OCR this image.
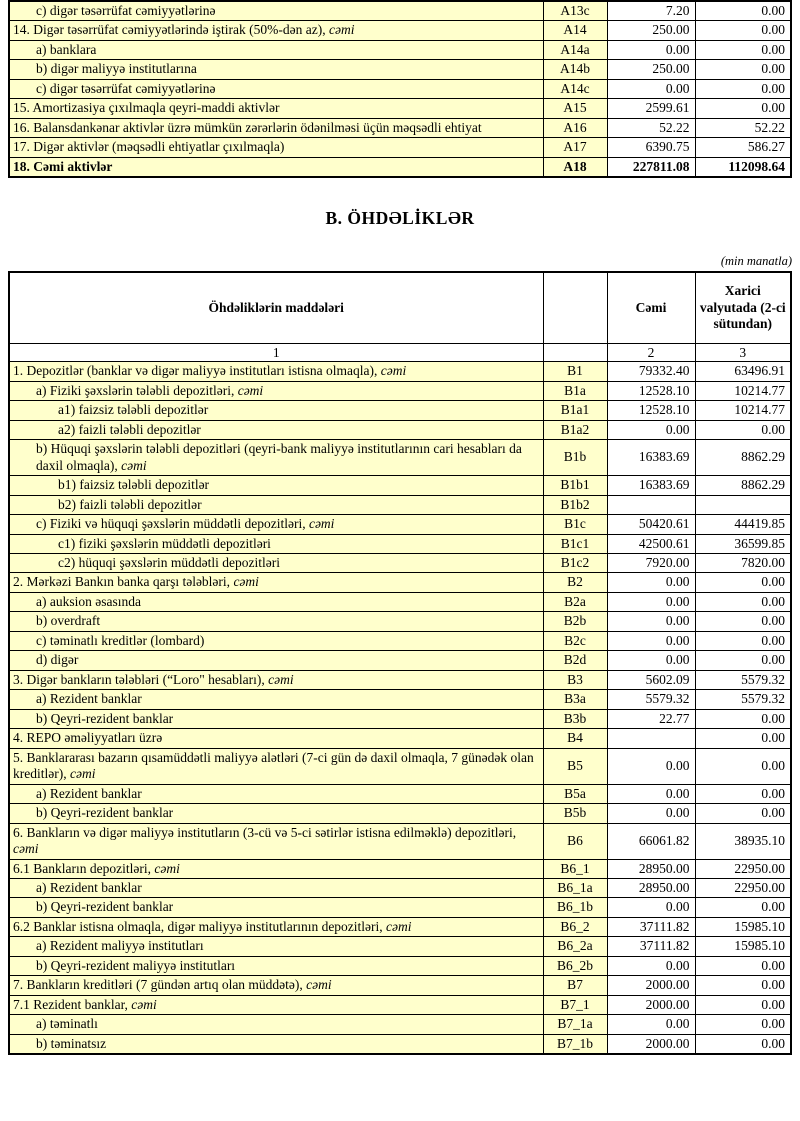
c) digər təsərrüfat cəmiyyətlərinə	A13c	7.20	0.00
14. Digər təsərrüfat cəmiyyətlərində iştirak (50%-dən az), cəmi	A14	250.00	0.00
a) banklara	A14a	0.00	0.00
b) digər maliyyə institutlarına	A14b	250.00	0.00
c) digər təsərrüfat cəmiyyətlərinə	A14c	0.00	0.00
15. Amortizasiya çıxılmaqla qeyri-maddi aktivlər	A15	2599.61	0.00
16. Balansdankənar aktivlər üzrə mümkün zərərlərin ödənilməsi üçün məqsədli ehtiyat	A16	52.22	52.22
17. Digər aktivlər (məqsədli ehtiyatlar çıxılmaqla)	A17	6390.75	586.27
18. Cəmi aktivlər	A18	227811.08	112098.64
B. ÖHDƏLİKLƏR
(min manatla)
Öhdəliklərin maddələri		Cəmi	Xarici valyutada (2-ci sütundan)
1		2	3
1. Depozitlər (banklar və digər maliyyə institutları istisna olmaqla), cəmi	B1	79332.40	63496.91
a) Fiziki şəxslərin tələbli depozitləri, cəmi	B1a	12528.10	10214.77
a1) faizsiz tələbli depozitlər	B1a1	12528.10	10214.77
a2) faizli tələbli depozitlər	B1a2	0.00	0.00
b) Hüquqi şəxslərin tələbli depozitləri (qeyri-bank maliyyə institutlarının cari hesabları da daxil olmaqla), cəmi	B1b	16383.69	8862.29
b1) faizsiz tələbli depozitlər	B1b1	16383.69	8862.29
b2) faizli tələbli depozitlər	B1b2		
c) Fiziki və hüquqi şəxslərin müddətli depozitləri, cəmi	B1c	50420.61	44419.85
c1) fiziki şəxslərin müddətli depozitləri	B1c1	42500.61	36599.85
c2) hüquqi şəxslərin müddətli depozitləri	B1c2	7920.00	7820.00
2. Mərkəzi Bankın banka qarşı tələbləri, cəmi	B2	0.00	0.00
a) auksion əsasında	B2a	0.00	0.00
b) overdraft	B2b	0.00	0.00
c) təminatlı kreditlər (lombard)	B2c	0.00	0.00
d) digər	B2d	0.00	0.00
3. Digər bankların tələbləri (“Loro" hesabları), cəmi	B3	5602.09	5579.32
a) Rezident banklar	B3a	5579.32	5579.32
b) Qeyri-rezident banklar	B3b	22.77	0.00
4. REPO əməliyyatları üzrə	B4		0.00
5. Banklararası bazarın qısamüddətli maliyyə alətləri (7-ci gün də daxil olmaqla, 7 günədək olan kreditlər), cəmi	B5	0.00	0.00
a) Rezident banklar	B5a	0.00	0.00
b) Qeyri-rezident banklar	B5b	0.00	0.00
6. Bankların və digər maliyyə institutların (3-cü və 5-ci sətirlər istisna edilməklə) depozitləri, cəmi	B6	66061.82	38935.10
6.1 Bankların depozitləri, cəmi	B6_1	28950.00	22950.00
a) Rezident banklar	B6_1a	28950.00	22950.00
b) Qeyri-rezident banklar	B6_1b	0.00	0.00
6.2 Banklar istisna olmaqla, digər maliyyə institutlarının depozitləri, cəmi	B6_2	37111.82	15985.10
a) Rezident maliyyə institutları	B6_2a	37111.82	15985.10
b) Qeyri-rezident maliyyə institutları	B6_2b	0.00	0.00
7. Bankların kreditləri (7 gündən artıq olan müddətə), cəmi	B7	2000.00	0.00
7.1 Rezident banklar, cəmi	B7_1	2000.00	0.00
a) təminatlı	B7_1a	0.00	0.00
b) təminatsız	B7_1b	2000.00	0.00
